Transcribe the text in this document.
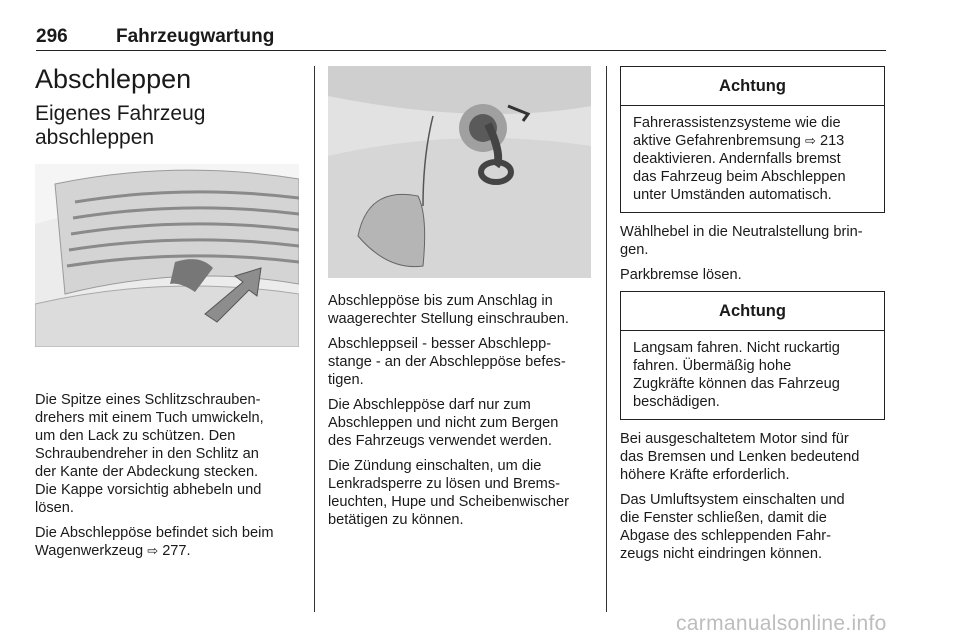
296	Fahrzeugwartung
Abschleppen
Eigenes Fahrzeug
abschleppen

Die Spitze eines Schlitzschrauben-
drehers mit einem Tuch umwickeln,
um den Lack zu schützen. Den
Schraubendreher in den Schlitz an
der Kante der Abdeckung stecken.
Die Kappe vorsichtig abhebeln und
lösen.

Die Abschleppöse befindet sich beim
Wagenwerkzeug ⇨ 277.

Abschleppöse bis zum Anschlag in
waagerechter Stellung einschrauben.

Abschleppseil - besser Abschlepp-
stange - an der Abschleppöse befes-
tigen.

Die Abschleppöse darf nur zum
Abschleppen und nicht zum Bergen
des Fahrzeugs verwendet werden.

Die Zündung einschalten, um die
Lenkradsperre zu lösen und Brems-
leuchten, Hupe und Scheibenwischer
betätigen zu können.

Achtung
Fahrerassistenzsysteme wie die
aktive Gefahrenbremsung ⇨ 213
deaktivieren. Andernfalls bremst
das Fahrzeug beim Abschleppen
unter Umständen automatisch.

Wählhebel in die Neutralstellung brin-
gen.

Parkbremse lösen.

Achtung
Langsam fahren. Nicht ruckartig
fahren. Übermäßig hohe
Zugkräfte können das Fahrzeug
beschädigen.

Bei ausgeschaltetem Motor sind für
das Bremsen und Lenken bedeutend
höhere Kräfte erforderlich.

Das Umluftsystem einschalten und
die Fenster schließen, damit die
Abgase des schleppenden Fahr-
zeugs nicht eindringen können.

carmanualsonline.info
